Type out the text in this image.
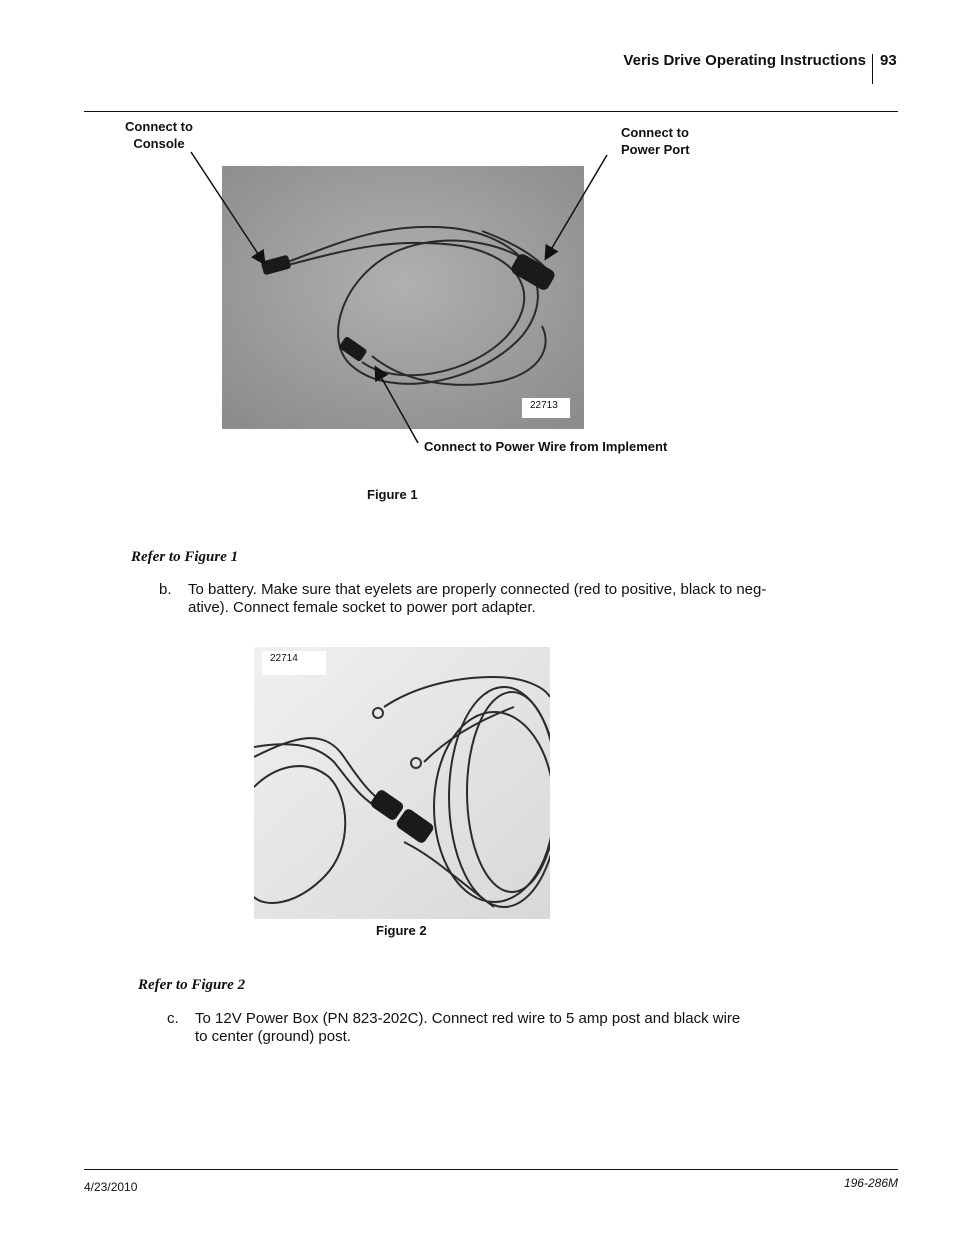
Veris Drive Operating Instructions 93
Connect to
Console
Connect to
Power Port
22713
Connect to Power Wire from Implement
Figure 1
Refer to Figure 1
b. To battery. Make sure that eyelets are properly connected (red to positive, black to neg-
ative). Connect female socket to power port adapter.
22714
Figure 2
Refer to Figure 2
c. To 12V Power Box (PN 823-202C). Connect red wire to 5 amp post and black wire
to center (ground) post.
4/23/2010	196-286M
